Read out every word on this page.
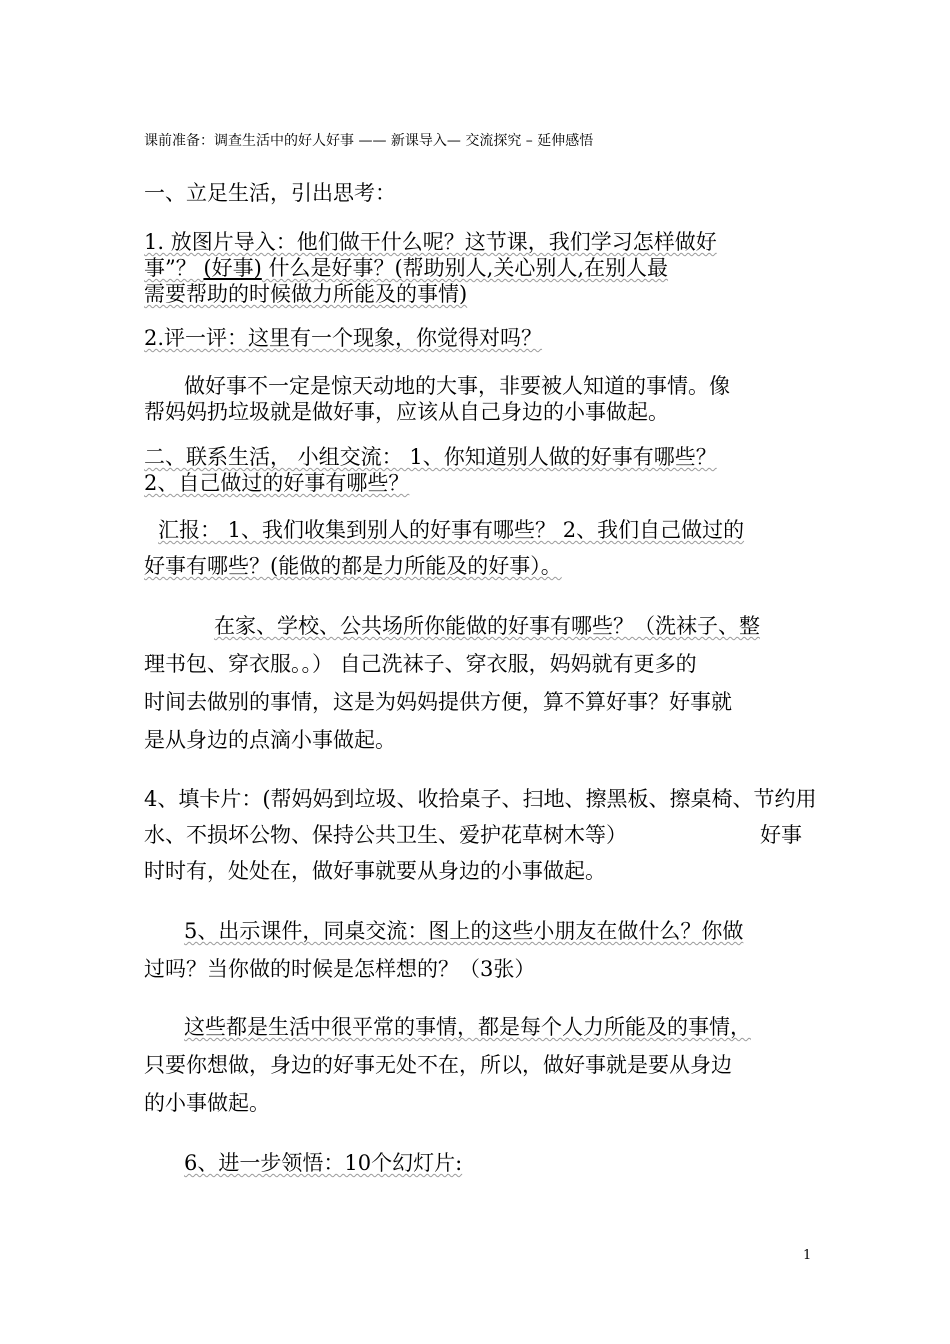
课前准备：调查生活中的好人好事 —— 新课导入— 交流探究 – 延伸感悟
一、立足生活，引出思考：
1. 放图片导入：他们做干什么呢？这节课，我们学习怎样做好
事”？ (好事) 什么是好事？(帮助别人,关心别人,在别人最
需要帮助的时候做力所能及的事情)
2.评一评：这里有一个现象，你觉得对吗？
做好事不一定是惊天动地的大事，非要被人知道的事情。像
帮妈妈扔垃圾就是做好事，应该从自己身边的小事做起。
二、联系生活， 小组交流： 1、你知道别人做的好事有哪些？
2、自己做过的好事有哪些？
汇报： 1、我们收集到别人的好事有哪些？ 2、我们自己做过的
好事有哪些？(能做的都是力所能及的好事）。
在家、学校、公共场所你能做的好事有哪些？（洗袜子、整
理书包、穿衣服。。） 自己洗袜子、穿衣服，妈妈就有更多的
时间去做别的事情，这是为妈妈提供方便，算不算好事？好事就
是从身边的点滴小事做起。
4、填卡片：(帮妈妈到垃圾、收拾桌子、扫地、擦黑板、擦桌椅、节约用
水、不损坏公物、保持公共卫生、爱护花草树木等）	好事
时时有，处处在，做好事就要从身边的小事做起。
5、出示课件，同桌交流：图上的这些小朋友在做什么？你做
过吗？当你做的时候是怎样想的？（3张）
这些都是生活中很平常的事情，都是每个人力所能及的事情，
只要你想做，身边的好事无处不在，所以，做好事就是要从身边
的小事做起。
6、进一步领悟：10个幻灯片:
1
